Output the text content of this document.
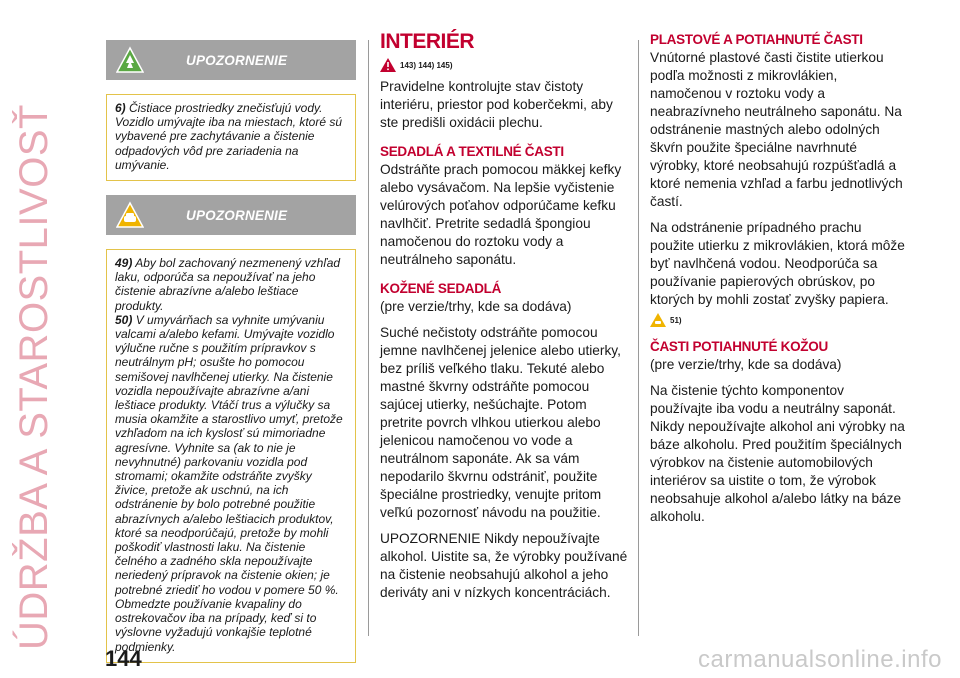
ÚDRŽBA A STAROSTLIVOSŤ
UPOZORNENIE

6) Čistiace prostriedky znečisťujú vody. Vozidlo umývajte iba na miestach, ktoré sú vybavené pre zachytávanie a čistenie odpadových vôd pre zariadenia na umývanie.

UPOZORNENIE

49) Aby bol zachovaný nezmenený vzhľad laku, odporúča sa nepoužívať na jeho čistenie abrazívne a/alebo leštiace produkty.

50) V umyvárňach sa vyhnite umývaniu valcami a/alebo kefami. Umývajte vozidlo výlučne ručne s použitím prípravkov s neutrálnym pH; osušte ho pomocou semišovej navlhčenej utierky. Na čistenie vozidla nepoužívajte abrazívne a/ani leštiace produkty. Vtáčí trus a výlučky sa musia okamžite a starostlivo umyť, pretože vzhľadom na ich kyslosť sú mimoriadne agresívne. Vyhnite sa (ak to nie je nevyhnutné) parkovaniu vozidla pod stromami; okamžite odstráňte zvyšky živice, pretože ak uschnú, na ich odstránenie by bolo potrebné použitie abrazívnych a/alebo leštiacich produktov, ktoré sa neodporúčajú, pretože by mohli poškodiť vlastnosti laku. Na čistenie čelného a zadného skla nepoužívajte neriedený prípravok na čistenie okien; je potrebné zriediť ho vodou v pomere 50 %. Obmedzte používanie kvapaliny do ostrekovačov iba na prípady, keď si to výslovne vyžadujú vonkajšie teplotné podmienky.

INTERIÉR
143) 144) 145)

Pravidelne kontrolujte stav čistoty interiéru, priestor pod koberčekmi, aby ste predišli oxidácii plechu.

SEDADLÁ A TEXTILNÉ ČASTI

Odstráňte prach pomocou mäkkej kefky alebo vysávačom. Na lepšie vyčistenie velúrových poťahov odporúčame kefku navlhčiť. Pretrite sedadlá špongiou namočenou do roztoku vody a neutrálneho saponátu.

KOŽENÉ SEDADLÁ

(pre verzie/trhy, kde sa dodáva)

Suché nečistoty odstráňte pomocou jemne navlhčenej jelenice alebo utierky, bez príliš veľkého tlaku. Tekuté alebo mastné škvrny odstráňte pomocou sajúcej utierky, nešúchajte. Potom pretrite povrch vlhkou utierkou alebo jelenicou namočenou vo vode a neutrálnom saponáte. Ak sa vám nepodarilo škvrnu odstrániť, použite špeciálne prostriedky, venujte pritom veľkú pozornosť návodu na použitie.

UPOZORNENIE Nikdy nepoužívajte alkohol. Uistite sa, že výrobky používané na čistenie neobsahujú alkohol a jeho deriváty ani v nízkych koncentráciách.

PLASTOVÉ A POTIAHNUTÉ ČASTI

Vnútorné plastové časti čistite utierkou podľa možnosti z mikrovlákien, namočenou v roztoku vody a neabrazívneho neutrálneho saponátu. Na odstránenie mastných alebo odolných škvŕn použite špeciálne navrhnuté výrobky, ktoré neobsahujú rozpúšťadlá a ktoré nemenia vzhľad a farbu jednotlivých častí.

Na odstránenie prípadného prachu použite utierku z mikrovlákien, ktorá môže byť navlhčená vodou. Neodporúča sa používanie papierových obrúskov, po ktorých by mohli zostať zvyšky papiera.

51)
ČASTI POTIAHNUTÉ KOŽOU

(pre verzie/trhy, kde sa dodáva)

Na čistenie týchto komponentov používajte iba vodu a neutrálny saponát. Nikdy nepoužívajte alkohol ani výrobky na báze alkoholu. Pred použitím špeciálnych výrobkov na čistenie automobilových interiérov sa uistite o tom, že výrobok neobsahuje alkohol a/alebo látky na báze alkoholu.

144	carmanualsonline.info
